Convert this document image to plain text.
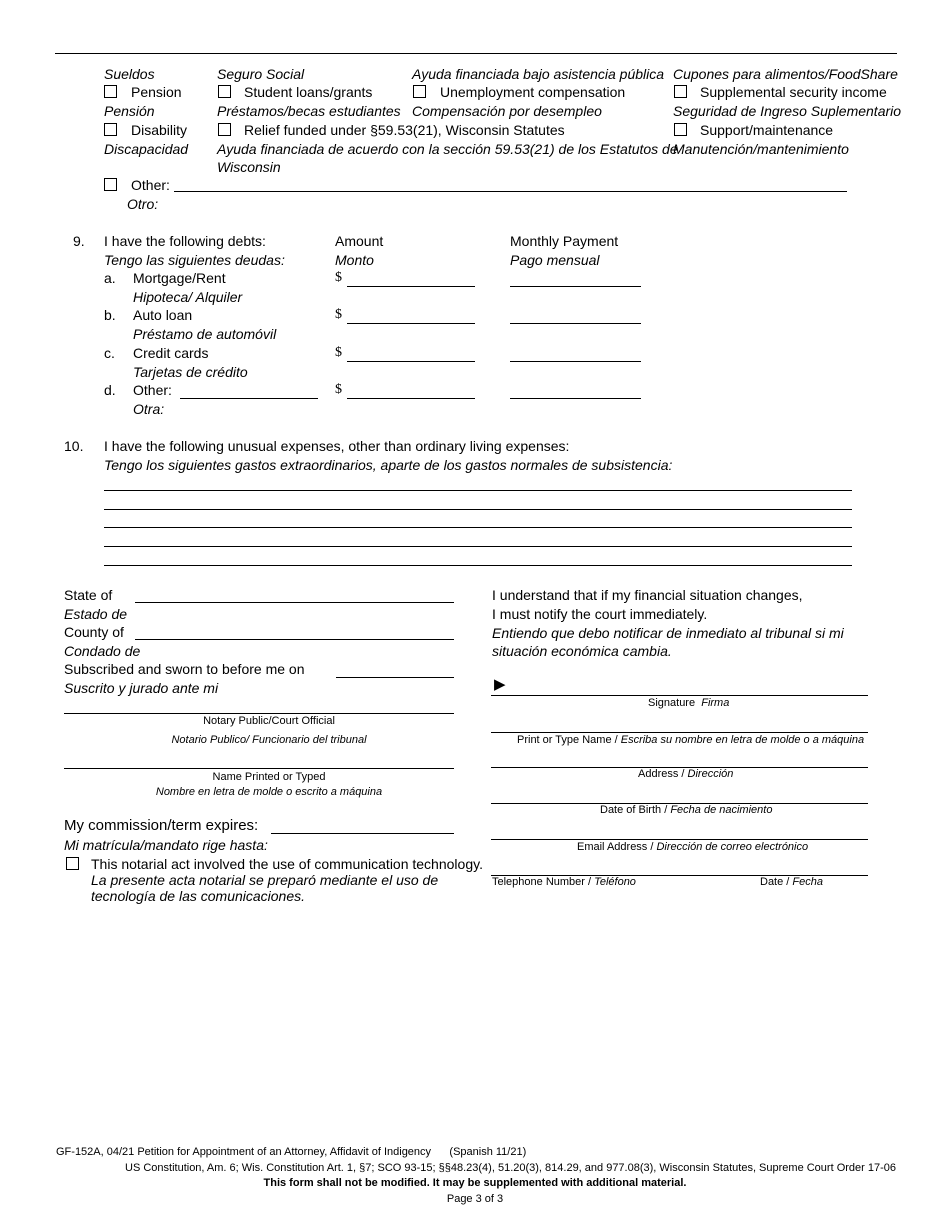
Sueldos
Pension
Pensión
Disability
Discapacidad
Seguro Social
Student loans/grants
Préstamos/becas estudiantes
Relief funded under §59.53(21), Wisconsin Statutes
Ayuda financiada de acuerdo con la sección 59.53(21) de los Estatutos de
Wisconsin
Ayuda financiada bajo asistencia pública
Unemployment compensation
Compensación por desempleo
Cupones para alimentos/FoodShare
Supplemental security income
Seguridad de Ingreso Suplementario
Support/maintenance
Manutención/mantenimiento
Other:
Otro:
9. I have the following debts:
Tengo las siguientes deudas:
Amount
Monto
Monthly Payment
Pago mensual
a. Mortgage/Rent
Hipoteca/ Alquiler
$
b. Auto loan
Préstamo de automóvil
$
c. Credit cards
Tarjetas de crédito
$
d. Other:
Otra:
$
10. I have the following unusual expenses, other than ordinary living expenses:
Tengo los siguientes gastos extraordinarios, aparte de los gastos normales de subsistencia:
State of
Estado de
County of
Condado de
Subscribed and sworn to before me on
Suscrito y jurado ante mi
Notary Public/Court Official
Notario Publico/ Funcionario del tribunal
Name Printed or Typed
Nombre en letra de molde o escrito a máquina
My commission/term expires:
Mi matrícula/mandato rige hasta:
This notarial act involved the use of communication technology.
La presente acta notarial se preparó mediante el uso de
tecnología de las comunicaciones.
I understand that if my financial situation changes,
I must notify the court immediately.
Entiendo que debo notificar de inmediato al tribunal si mi
situación económica cambia.
▶
Signature Firma
Print or Type Name / Escriba su nombre en letra de molde o a máquina
Address / Dirección
Date of Birth / Fecha de nacimiento
Email Address / Dirección de correo electrónico
Telephone Number / Teléfono	Date / Fecha
GF-152A, 04/21 Petition for Appointment of an Attorney, Affidavit of Indigency (Spanish 11/21)
US Constitution, Am. 6; Wis. Constitution Art. 1, §7; SCO 93-15; §§48.23(4), 51.20(3), 814.29, and 977.08(3), Wisconsin Statutes, Supreme Court Order 17-06
This form shall not be modified. It may be supplemented with additional material.
Page 3 of 3
